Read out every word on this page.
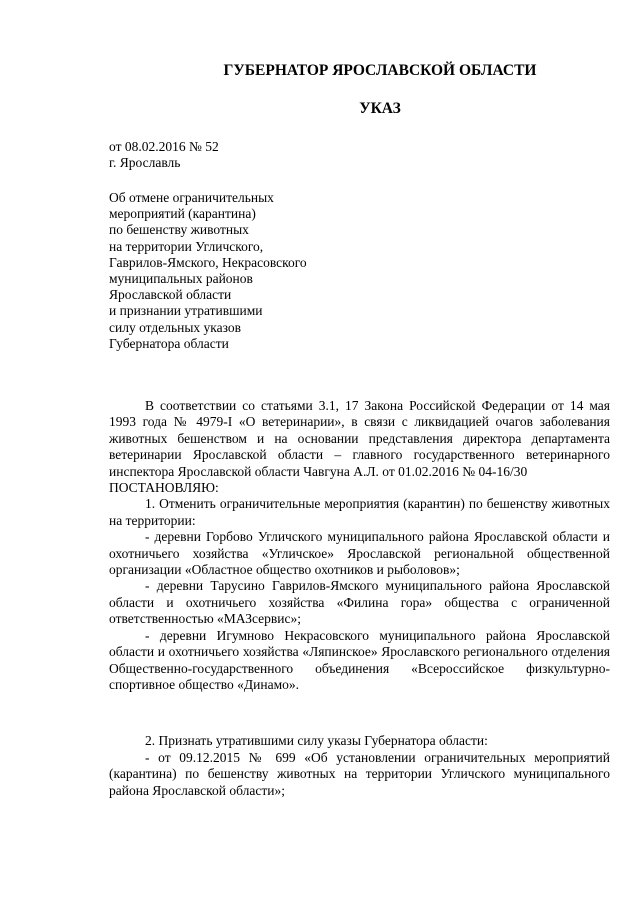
ГУБЕРНАТОР ЯРОСЛАВСКОЙ ОБЛАСТИ
УКАЗ
от 08.02.2016 № 52
г. Ярославль
Об отмене ограничительных
мероприятий (карантина)
по бешенству животных
на территории Угличского,
Гаврилов-Ямского, Некрасовского
муниципальных районов
Ярославской области
и признании утратившими
силу отдельных указов
Губернатора области
В соответствии со статьями 3.1, 17 Закона Российской Федерации от 14 мая 1993 года № 4979-I «О ветеринарии», в связи с ликвидацией очагов заболевания животных бешенством и на основании представления директора департамента ветеринарии Ярославской области – главного государственного ветеринарного инспектора Ярославской области Чавгуна А.Л. от 01.02.2016 № 04-16/30
ПОСТАНОВЛЯЮ:
1. Отменить ограничительные мероприятия (карантин) по бешенству животных на территории:
- деревни Горбово Угличского муниципального района Ярославской области и охотничьего хозяйства «Угличское» Ярославской региональной общественной организации «Областное общество охотников и рыболовов»;
- деревни Тарусино Гаврилов-Ямского муниципального района Ярославской области и охотничьего хозяйства «Филина гора» общества с ограниченной ответственностью «МАЗсервис»;
- деревни Игумново Некрасовского муниципального района Ярославской области и охотничьего хозяйства «Ляпинское» Ярославского регионального отделения Общественно-государственного объединения «Всероссийское физкультурно-спортивное общество «Динамо».
2. Признать утратившими силу указы Губернатора области:
- от 09.12.2015 № 699 «Об установлении ограничительных мероприятий (карантина) по бешенству животных на территории Угличского муниципального района Ярославской области»;
